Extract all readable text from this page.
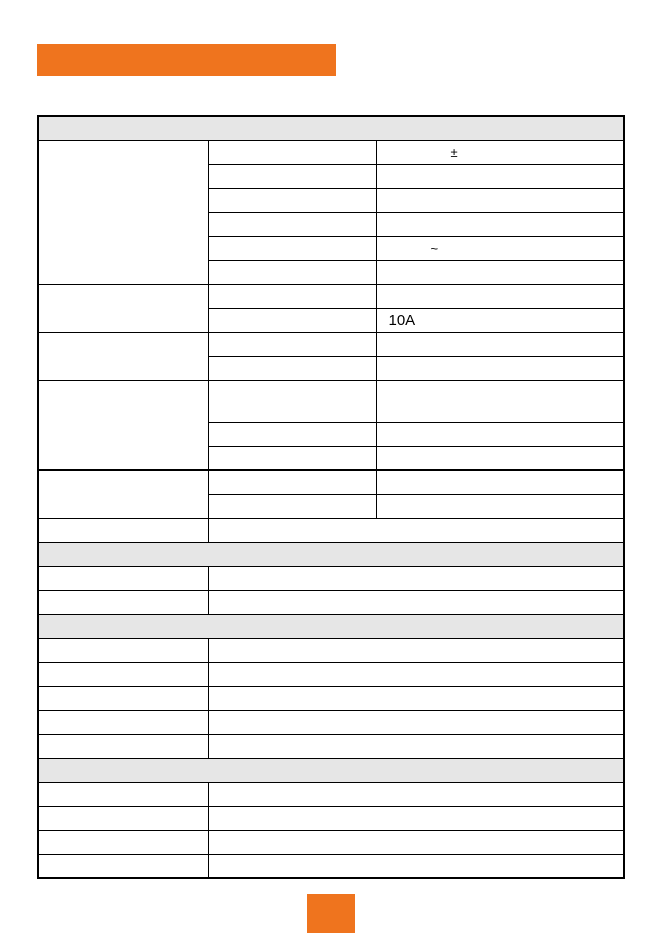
		±

		~

		10A
